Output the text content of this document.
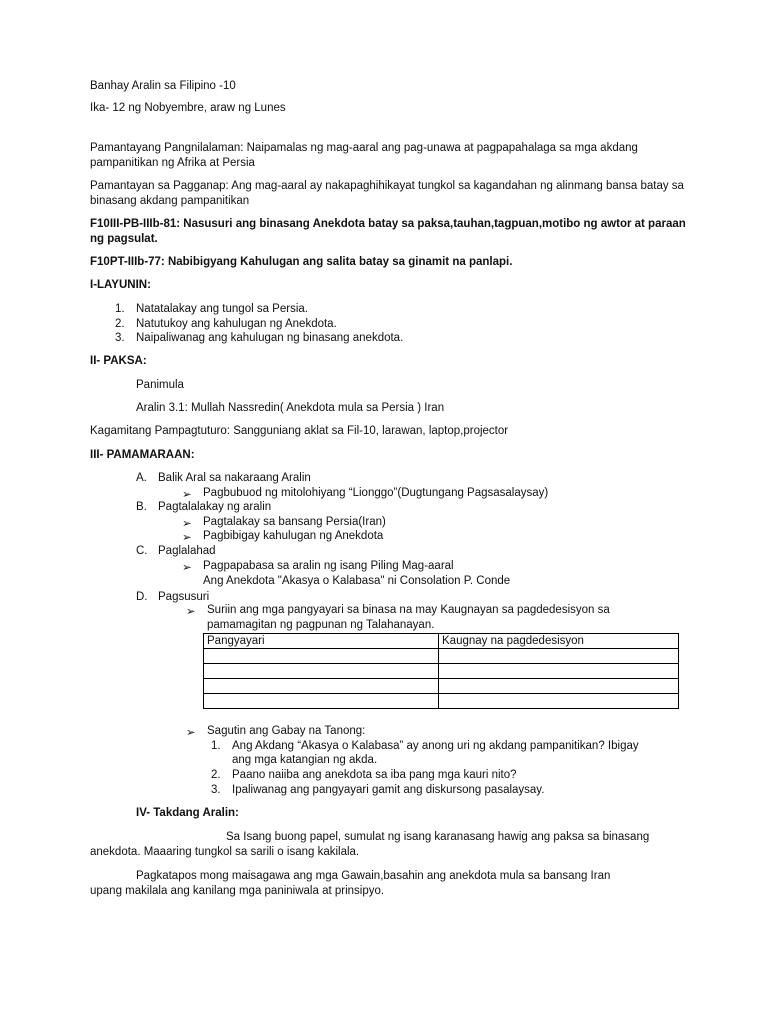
Banhay Aralin sa Filipino -10
Ika- 12 ng Nobyembre, araw ng Lunes
Pamantayang Pangnilalaman: Naipamalas ng mag-aaral ang pag-unawa at pagpapahalaga sa mga akdang pampanitikan ng Afrika at Persia
Pamantayan sa Pagganap: Ang mag-aaral ay nakapaghihikayat tungkol sa kagandahan ng alinmang bansa batay sa binasang akdang pampanitikan
F10III-PB-IIIb-81: Nasusuri ang binasang Anekdota batay sa paksa,tauhan,tagpuan,motibo ng awtor at paraan ng pagsulat.
F10PT-IIIb-77: Nabibigyang Kahulugan ang salita batay sa ginamit na panlapi.
I-LAYUNIN:
1. Natatalakay ang tungol sa Persia.
2. Natutukoy ang kahulugan ng Anekdota.
3. Naipaliwanag ang kahulugan ng binasang anekdota.
II- PAKSA:
Panimula
Aralin 3.1: Mullah Nassredin( Anekdota mula sa Persia ) Iran
Kagamitang Pampagtuturo: Sangguniang aklat sa Fil-10, larawan, laptop,projector
III- PAMAMARAAN:
A. Balik Aral sa nakaraang Aralin
➢ Pagbubuod ng mitolohiyang “Lionggo”(Dugtungang Pagsasalaysay)
B. Pagtalalakay ng aralin
➢ Pagtalakay sa bansang Persia(Iran)
➢ Pagbibigay kahulugan ng Anekdota
C. Paglalahad
➢ Pagpapabasa sa aralin ng isang Piling Mag-aaral
Ang Anekdota "Akasya o Kalabasa" ni Consolation P. Conde
D. Pagsusuri
➢ Suriin ang mga pangyayari sa binasa na may Kaugnayan sa pagdedesisyon sa
pamamagitan ng pagpunan ng Talahanayan.
Pangyayari	Kaugnay na pagdedesisyon

➢ Sagutin ang Gabay na Tanong:
1. Ang Akdang “Akasya o Kalabasa” ay anong uri ng akdang pampanitikan? Ibigay
ang mga katangian ng akda.
2. Paano naiiba ang anekdota sa iba pang mga kauri nito?
3. Ipaliwanag ang pangyayari gamit ang diskursong pasalaysay.
IV- Takdang Aralin:
Sa Isang buong papel, sumulat ng isang karanasang hawig ang paksa sa binasang
anekdota. Maaaring tungkol sa sarili o isang kakilala.
Pagkatapos mong maisagawa ang mga Gawain,basahin ang anekdota mula sa bansang Iran
upang makilala ang kanilang mga paniniwala at prinsipyo.
